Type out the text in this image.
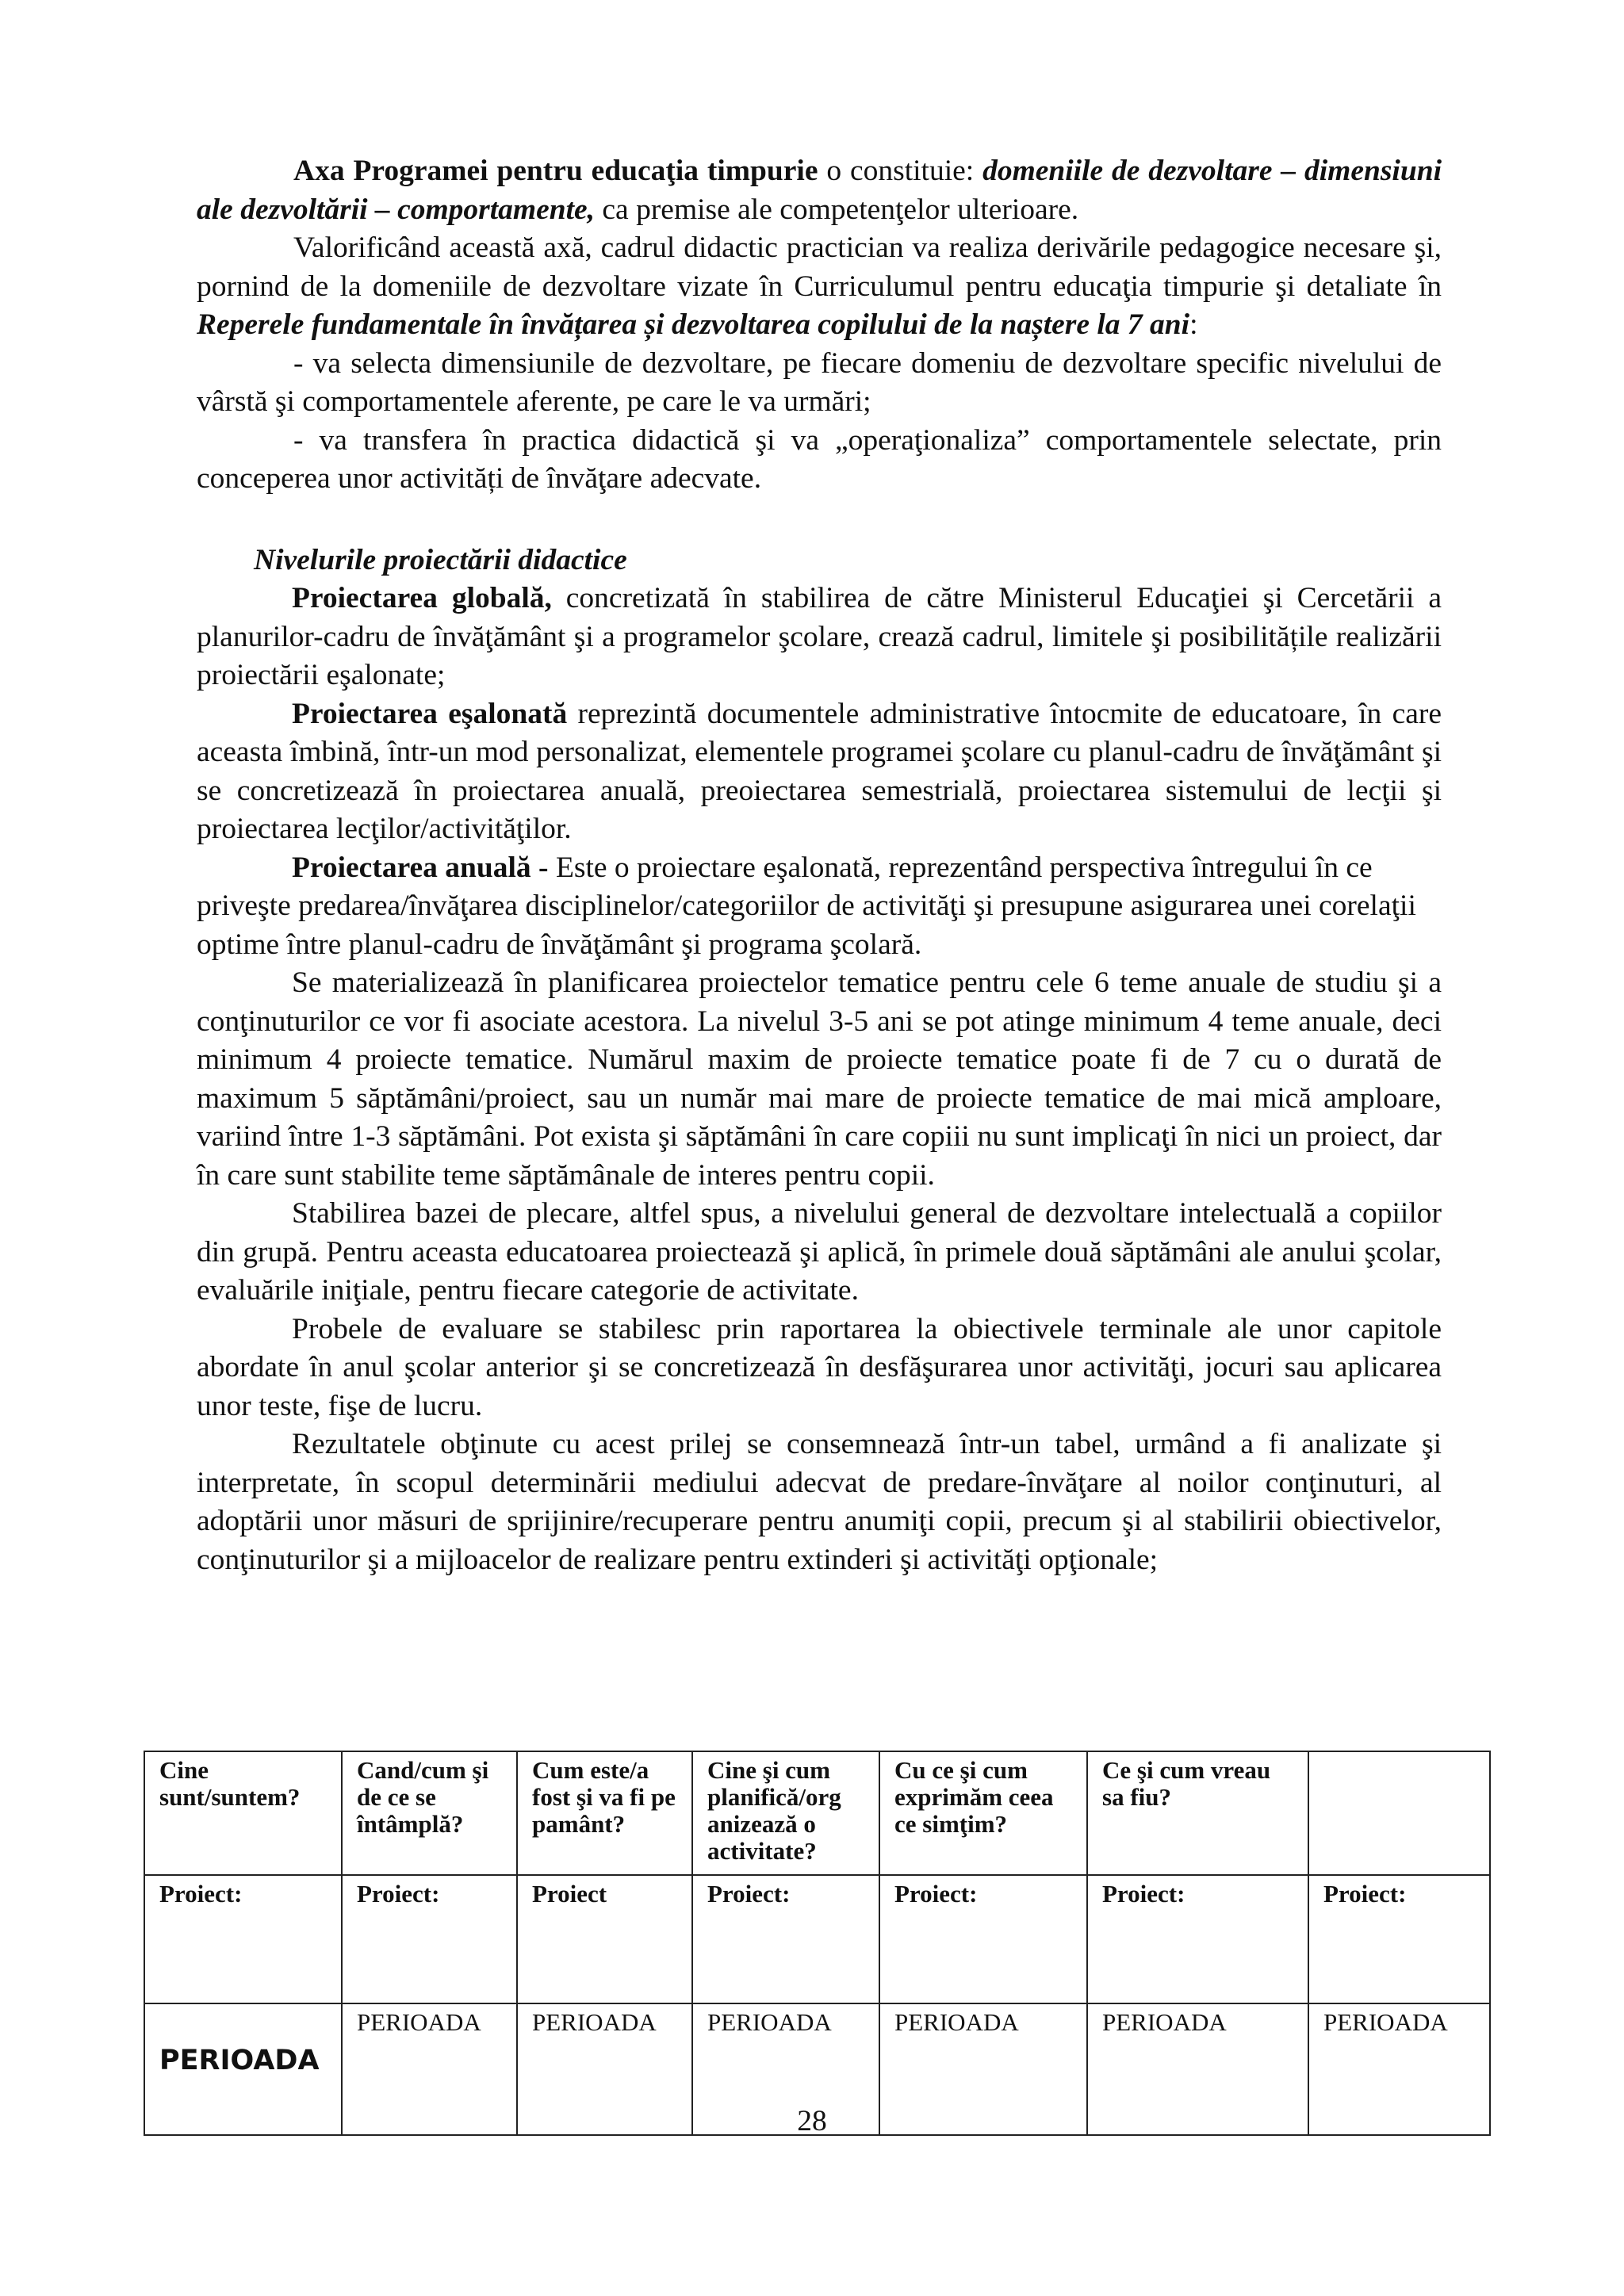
Axa Programei pentru educaţia timpurie o constituie: domeniile de dezvoltare – dimensiuni ale dezvoltării – comportamente, ca premise ale competenţelor ulterioare.

Valorificând această axă, cadrul didactic practician va realiza derivările pedagogice necesare şi, pornind de la domeniile de dezvoltare vizate în Curriculumul pentru educaţia timpurie şi detaliate în Reperele fundamentale în învățarea și dezvoltarea copilului de la naștere la 7 ani:

- va selecta dimensiunile de dezvoltare, pe fiecare domeniu de dezvoltare specific nivelului de vârstă şi comportamentele aferente, pe care le va urmări;

- va transfera în practica didactică şi va „operaţionaliza” comportamentele selectate, prin conceperea unor activități de învăţare adecvate.

Nivelurile proiectării didactice

Proiectarea globală, concretizată în stabilirea de către Ministerul Educaţiei şi Cercetării a planurilor-cadru de învăţământ şi a programelor şcolare, crează cadrul, limitele şi posibilitățile realizării proiectării eşalonate;

Proiectarea eşalonată reprezintă documentele administrative întocmite de educatoare, în care aceasta îmbină, într-un mod personalizat, elementele programei şcolare cu planul-cadru de învăţământ şi se concretizează în proiectarea anuală, preoiectarea semestrială, proiectarea sistemului de lecţii şi proiectarea lecţilor/activităţilor.

Proiectarea anuală - Este o proiectare eşalonată, reprezentând perspectiva întregului în ce priveşte predarea/învăţarea disciplinelor/categoriilor de activităţi şi presupune asigurarea unei corelaţii optime între planul-cadru de învăţământ şi programa şcolară.

Se materializează în planificarea proiectelor tematice pentru cele 6 teme anuale de studiu şi a conţinuturilor ce vor fi asociate acestora. La nivelul 3-5 ani se pot atinge minimum 4 teme anuale, deci minimum 4 proiecte tematice. Numărul maxim de proiecte tematice poate fi de 7 cu o durată de maximum 5 săptămâni/proiect, sau un număr mai mare de proiecte tematice de mai mică amploare, variind între 1-3 săptămâni. Pot exista şi săptămâni în care copiii nu sunt implicaţi în nici un proiect, dar în care sunt stabilite teme săptămânale de interes pentru copii.

Stabilirea bazei de plecare, altfel spus, a nivelului general de dezvoltare intelectuală a copiilor din grupă. Pentru aceasta educatoarea proiectează şi aplică, în primele două săptămâni ale anului şcolar, evaluările iniţiale, pentru fiecare categorie de activitate.

Probele de evaluare se stabilesc prin raportarea la obiectivele terminale ale unor capitole abordate în anul şcolar anterior şi se concretizează în desfăşurarea unor activităţi, jocuri sau aplicarea unor teste, fişe de lucru.

Rezultatele obţinute cu acest prilej se consemnează într-un tabel, urmând a fi analizate şi interpretate, în scopul determinării mediului adecvat de predare-învăţare al noilor conţinuturi, al adoptării unor măsuri de sprijinire/recuperare pentru anumiţi copii, precum şi al stabilirii obiectivelor, conţinuturilor şi a mijloacelor de realizare pentru extinderi şi activităţi opţionale;

Cine sunt/suntem?	Cand/cum şi de ce se întâmplă?	Cum este/a fost şi va fi pe pamânt?	Cine şi cum planifică/org anizează o activitate?	Cu ce şi cum exprimăm ceea ce simţim?	Ce şi cum vreau sa fiu?	
Proiect:	Proiect:	Proiect	Proiect:	Proiect:	Proiect:	Proiect:
PERIOADA	PERIOADA	PERIOADA	PERIOADA	PERIOADA	PERIOADA	PERIOADA
28
